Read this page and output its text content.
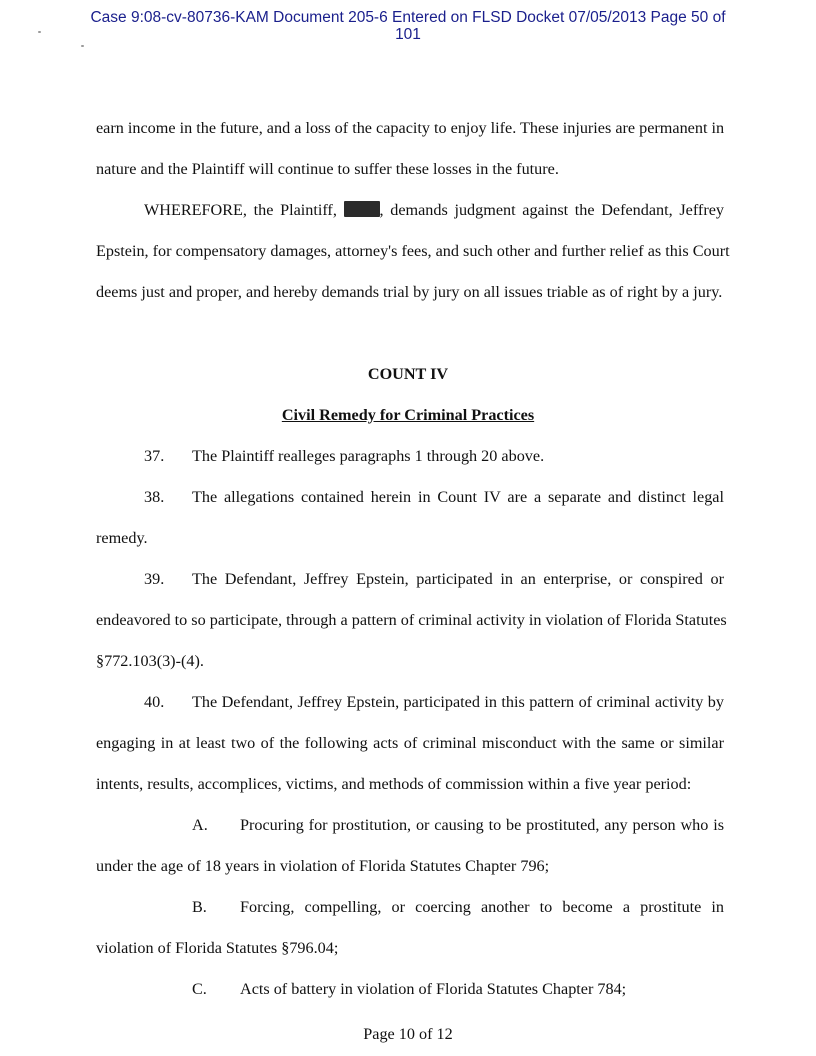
Case 9:08-cv-80736-KAM Document 205-6 Entered on FLSD Docket 07/05/2013 Page 50 of
101
earn income in the future, and a loss of the capacity to enjoy life. These injuries are permanent in
nature and the Plaintiff will continue to suffer these losses in the future.
WHEREFORE, the Plaintiff,	, demands judgment against the Defendant, Jeffrey
Epstein, for compensatory damages, attorney's fees, and such other and further relief as this Court
deems just and proper, and hereby demands trial by jury on all issues triable as of right by a jury.
COUNT IV
Civil Remedy for Criminal Practices
37. The Plaintiff realleges paragraphs 1 through 20 above.
38. The allegations contained herein in Count IV are a separate and distinct legal
remedy.
39. The Defendant, Jeffrey Epstein, participated in an enterprise, or conspired or
endeavored to so participate, through a pattern of criminal activity in violation of Florida Statutes
§772.103(3)-(4).
40. The Defendant, Jeffrey Epstein, participated in this pattern of criminal activity by
engaging in at least two of the following acts of criminal misconduct with the same or similar
intents, results, accomplices, victims, and methods of commission within a five year period:
A. Procuring for prostitution, or causing to be prostituted, any person who is
under the age of 18 years in violation of Florida Statutes Chapter 796;
B. Forcing, compelling, or coercing another to become a prostitute in
violation of Florida Statutes §796.04;
C. Acts of battery in violation of Florida Statutes Chapter 784;
Page 10 of 12
